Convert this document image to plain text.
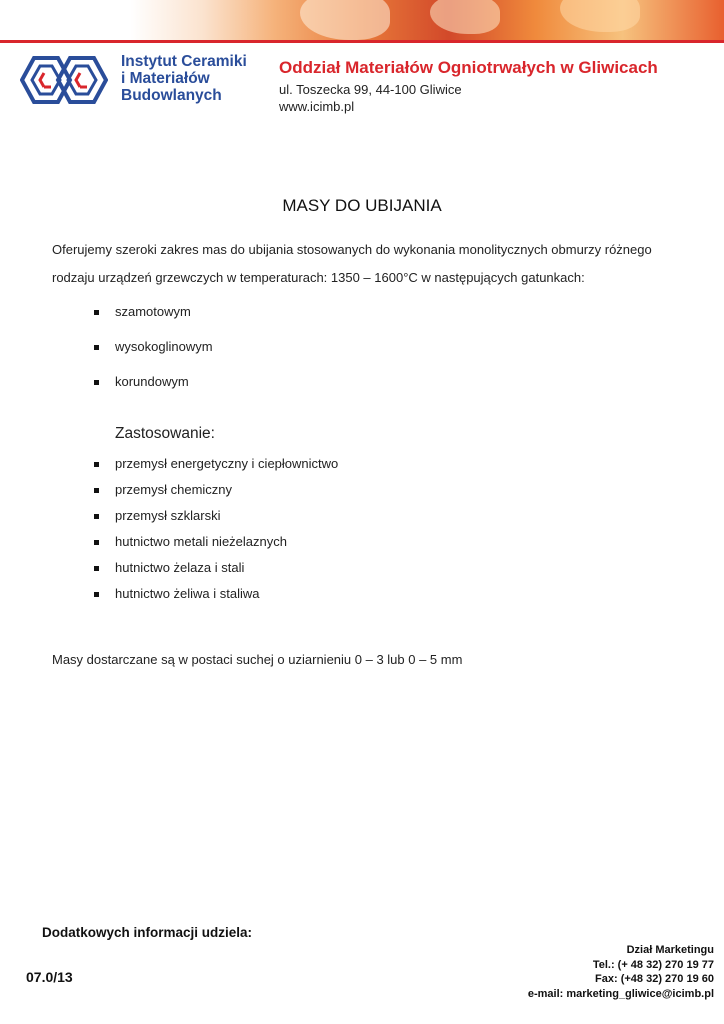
Instytut Ceramiki
i Materiałów
Budowlanych
Oddział Materiałów Ogniotrwałych w Gliwicach
ul. Toszecka 99, 44-100 Gliwice
www.icimb.pl
MASY DO UBIJANIA
Oferujemy szeroki zakres mas do ubijania stosowanych do wykonania monolitycznych obmurzy różnego
rodzaju urządzeń grzewczych w temperaturach: 1350 – 1600°C w następujących gatunkach:
szamotowym
wysokoglinowym
korundowym
Zastosowanie:
przemysł energetyczny i ciepłownictwo
przemysł chemiczny
przemysł szklarski
hutnictwo metali nieżelaznych
hutnictwo żelaza i stali
hutnictwo żeliwa i staliwa
Masy dostarczane są w postaci suchej o uziarnieniu 0 – 3 lub 0 – 5 mm
Dodatkowych informacji udziela:
07.0/13
Dział Marketingu
Tel.: (+ 48 32) 270 19 77
Fax: (+48 32) 270 19 60
e-mail: marketing_gliwice@icimb.pl
